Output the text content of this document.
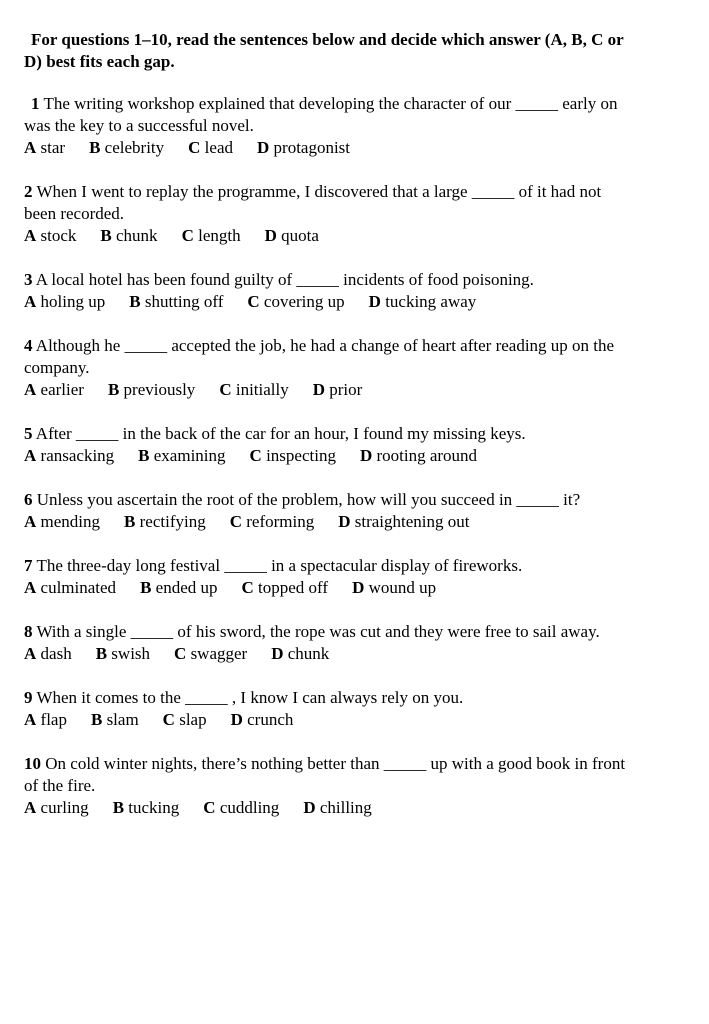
For questions 1–10, read the sentences below and decide which answer (A, B, C or
D) best fits each gap.

1 The writing workshop explained that developing the character of our _____ early on
was the key to a successful novel.

A star B celebrity C lead D protagonist

2 When I went to replay the programme, I discovered that a large _____ of it had not
been recorded.

A stock B chunk C length D quota

3 A local hotel has been found guilty of _____ incidents of food poisoning.

A holing up B shutting off C covering up D tucking away

4 Although he _____ accepted the job, he had a change of heart after reading up on the
company.

A earlier B previously C initially D prior

5 After _____ in the back of the car for an hour, I found my missing keys.

A ransacking B examining C inspecting D rooting around

6 Unless you ascertain the root of the problem, how will you succeed in _____ it?

A mending B rectifying C reforming D straightening out

7 The three-day long festival _____ in a spectacular display of fireworks.

A culminated B ended up C topped off D wound up

8 With a single _____ of his sword, the rope was cut and they were free to sail away.

A dash B swish C swagger D chunk

9 When it comes to the _____ , I know I can always rely on you.

A flap B slam C slap D crunch

10 On cold winter nights, there’s nothing better than _____ up with a good book in front
of the fire.

A curling B tucking C cuddling D chilling
